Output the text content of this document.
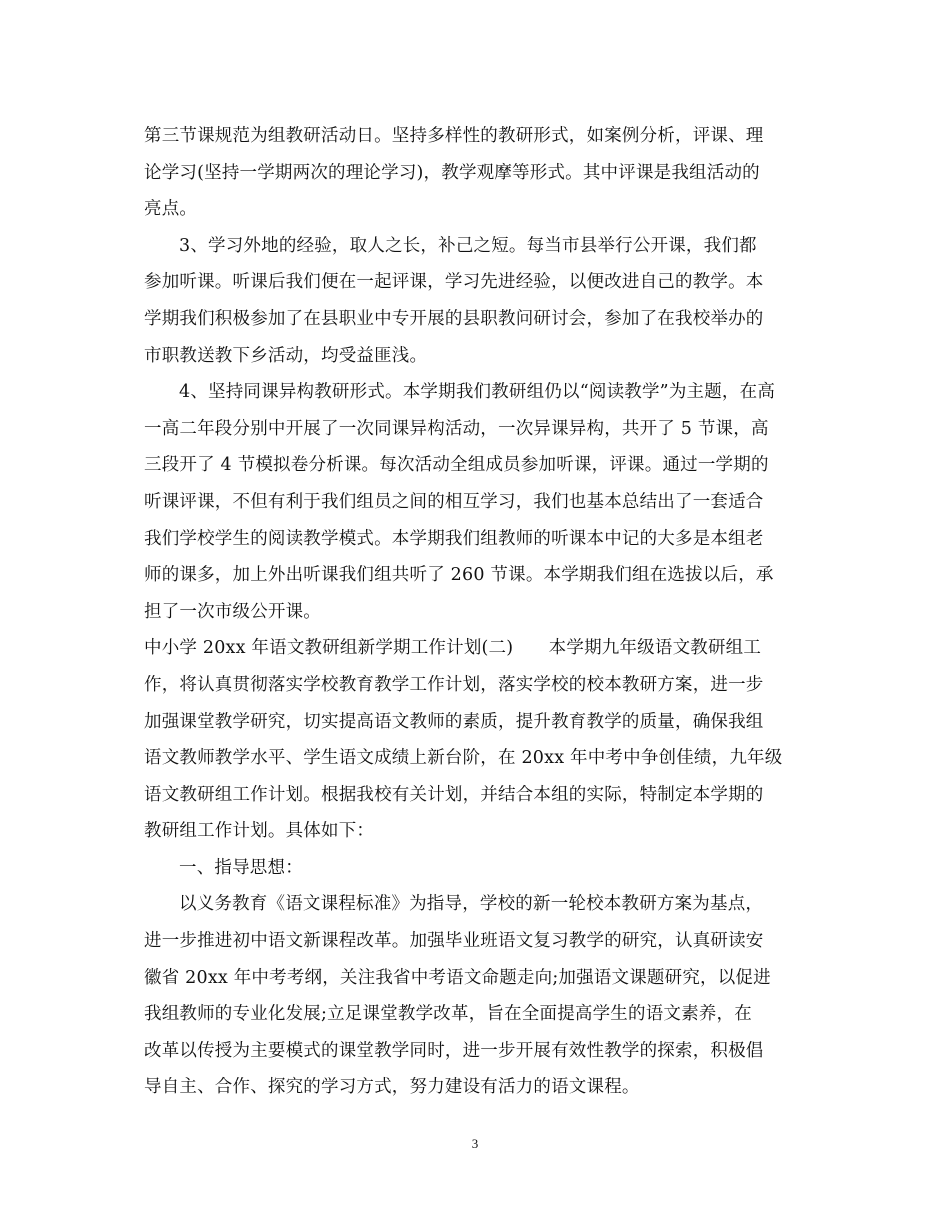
第三节课规范为组教研活动日。坚持多样性的教研形式，如案例分析，评课、理
论学习(坚持一学期两次的理论学习)，教学观摩等形式。其中评课是我组活动的
亮点。
3、学习外地的经验，取人之长，补己之短。每当市县举行公开课，我们都
参加听课。听课后我们便在一起评课，学习先进经验，以便改进自己的教学。本
学期我们积极参加了在县职业中专开展的县职教问研讨会，参加了在我校举办的
市职教送教下乡活动，均受益匪浅。
4、坚持同课异构教研形式。本学期我们教研组仍以“阅读教学”为主题，在高
一高二年段分别中开展了一次同课异构活动，一次异课异构，共开了 5 节课，高
三段开了 4 节模拟卷分析课。每次活动全组成员参加听课，评课。通过一学期的
听课评课，不但有利于我们组员之间的相互学习，我们也基本总结出了一套适合
我们学校学生的阅读教学模式。本学期我们组教师的听课本中记的大多是本组老
师的课多，加上外出听课我们组共听了 260 节课。本学期我们组在选拔以后，承
担了一次市级公开课。
中小学 20xx 年语文教研组新学期工作计划(二)　　本学期九年级语文教研组工
作，将认真贯彻落实学校教育教学工作计划，落实学校的校本教研方案，进一步
加强课堂教学研究，切实提高语文教师的素质，提升教育教学的质量，确保我组
语文教师教学水平、学生语文成绩上新台阶，在 20xx 年中考中争创佳绩，九年级
语文教研组工作计划。根据我校有关计划，并结合本组的实际，特制定本学期的
教研组工作计划。具体如下：
一、指导思想：
以义务教育《语文课程标准》为指导，学校的新一轮校本教研方案为基点，
进一步推进初中语文新课程改革。加强毕业班语文复习教学的研究，认真研读安
徽省 20xx 年中考考纲，关注我省中考语文命题走向;加强语文课题研究，以促进
我组教师的专业化发展;立足课堂教学改革，旨在全面提高学生的语文素养，在
改革以传授为主要模式的课堂教学同时，进一步开展有效性教学的探索，积极倡
导自主、合作、探究的学习方式，努力建设有活力的语文课程。
3
